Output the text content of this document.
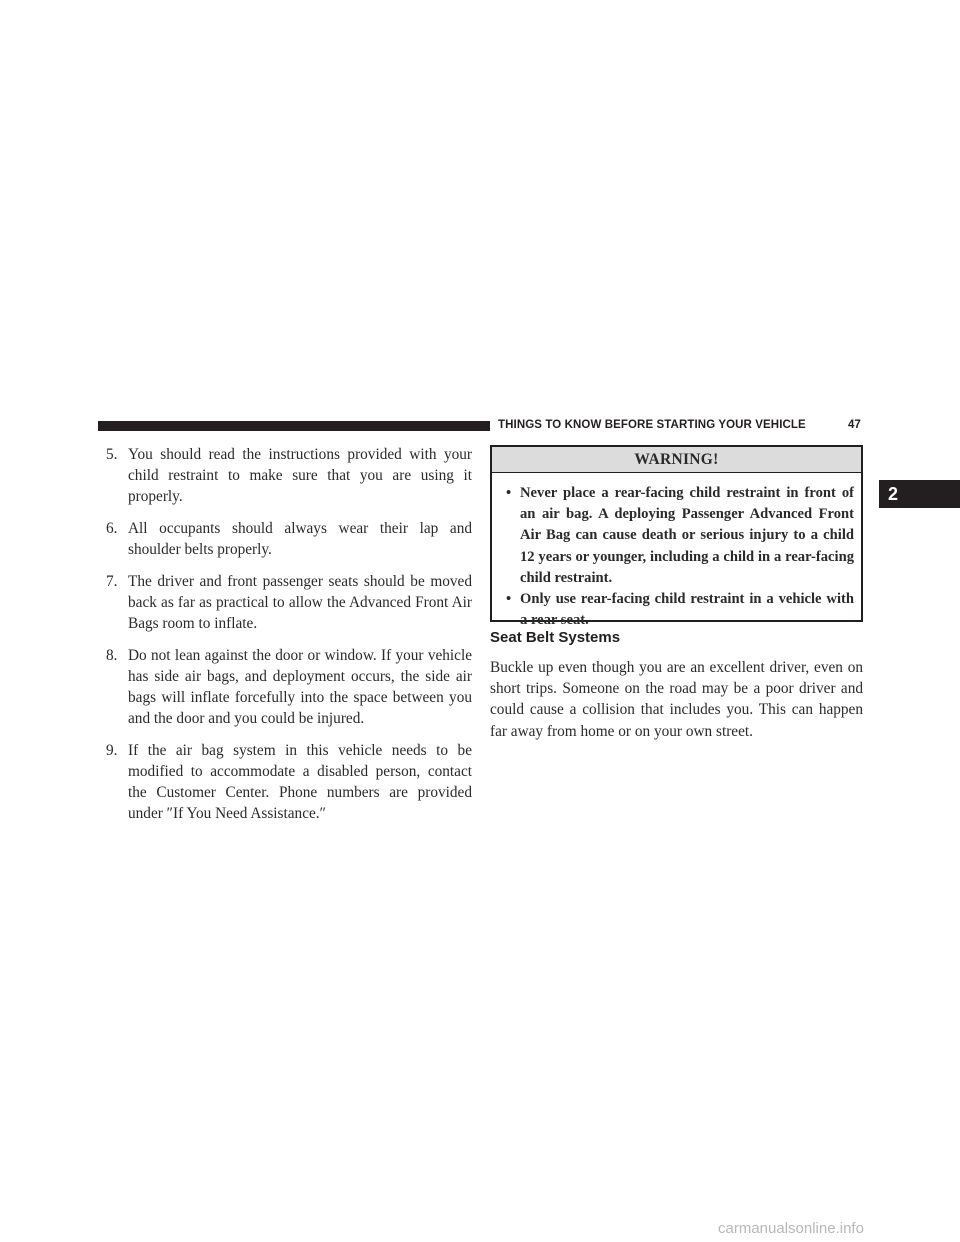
THINGS TO KNOW BEFORE STARTING YOUR VEHICLE	47
2
5. You should read the instructions provided with your child restraint to make sure that you are using it properly.
6. All occupants should always wear their lap and shoulder belts properly.
7. The driver and front passenger seats should be moved back as far as practical to allow the Advanced Front Air Bags room to inflate.
8. Do not lean against the door or window. If your vehicle has side air bags, and deployment occurs, the side air bags will inflate forcefully into the space between you and the door and you could be injured.
9. If the air bag system in this vehicle needs to be modified to accommodate a disabled person, contact the Customer Center. Phone numbers are provided under ″If You Need Assistance.″
WARNING!
• Never place a rear-facing child restraint in front of an air bag. A deploying Passenger Advanced Front Air Bag can cause death or serious injury to a child 12 years or younger, including a child in a rear-facing child restraint.
• Only use rear-facing child restraint in a vehicle with a rear seat.
Seat Belt Systems
Buckle up even though you are an excellent driver, even on short trips. Someone on the road may be a poor driver and could cause a collision that includes you. This can happen far away from home or on your own street.
carmanualsonline.info
